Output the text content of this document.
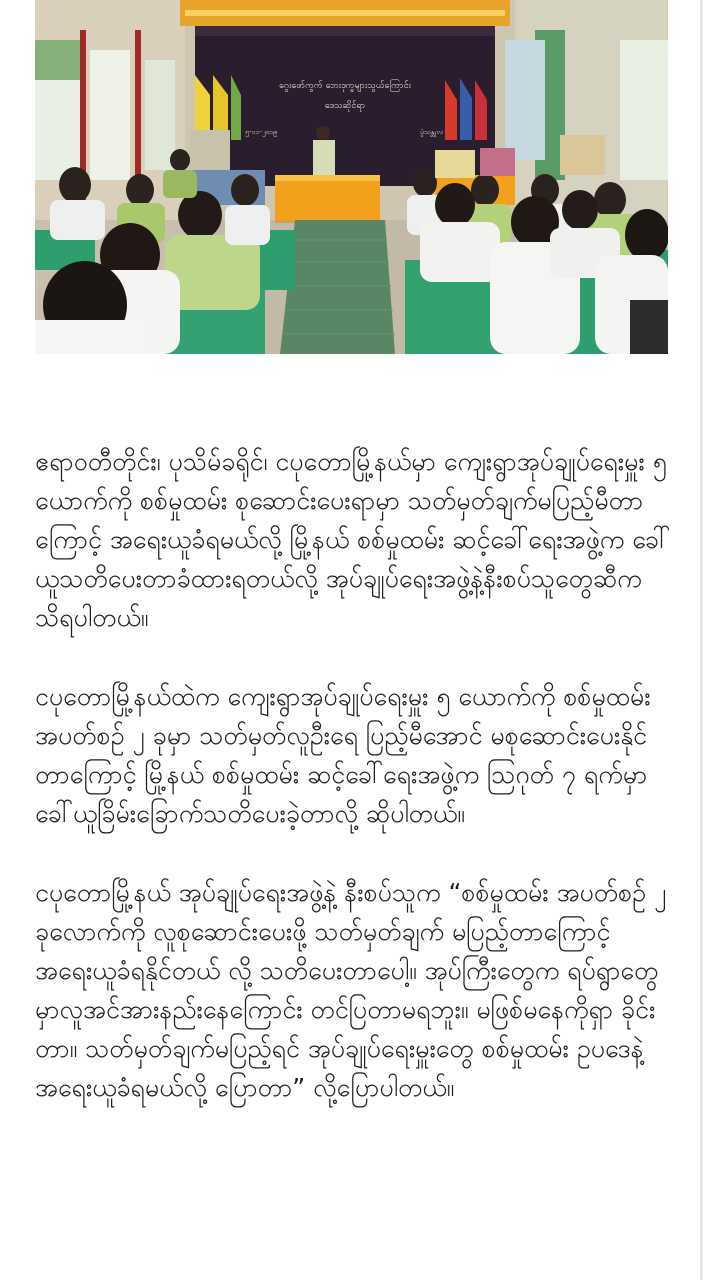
ဂွေးဖော်ကွက် ဘေးဒုက္ခများသွယ်ကြောင်း
ဒေသဆိုင်ရာ
၅-၁၁-၂၀၁၉	ပွဲသန္တုလ

ဧရာဝတီတိုင်း၊ ပုသိမ်ခရိုင်၊ ငပုတောမြို့နယ်မှာ ကျေးရွာအုပ်ချုပ်ရေးမှူး ၅ ယောက်ကို စစ်မှုထမ်း စုဆောင်းပေးရာမှာ သတ်မှတ်ချက်မပြည့်မီတာကြောင့် အရေးယူခံရမယ်လို့ မြို့နယ် စစ်မှုထမ်း ဆင့်ခေါ်ရေးအဖွဲ့က ခေါ်ယူသတိပေးတာခံထားရတယ်လို့ အုပ်ချုပ်ရေးအဖွဲ့နဲ့နီးစပ်သူတွေဆီက သိရပါတယ်။

ငပုတောမြို့နယ်ထဲက ကျေးရွာအုပ်ချုပ်ရေးမှူး ၅ ယောက်ကို စစ်မှုထမ်း အပတ်စဉ် ၂ ခုမှာ သတ်မှတ်လူဦးရေ ပြည့်မီအောင် မစုဆောင်းပေးနိုင်တာကြောင့် မြို့နယ် စစ်မှုထမ်း ဆင့်ခေါ်ရေးအဖွဲ့က ဩဂုတ် ၇ ရက်မှာ ခေါ်ယူခြိမ်းခြောက်သတိပေးခဲ့တာလို့ ဆိုပါတယ်။

ငပုတောမြို့နယ် အုပ်ချုပ်ရေးအဖွဲ့နဲ့ နီးစပ်သူက “စစ်မှုထမ်း အပတ်စဉ် ၂ ခုလောက်ကို လူစုဆောင်းပေးဖို့ သတ်မှတ်ချက် မပြည့်တာကြောင့် အရေးယူခံရနိုင်တယ် လို့ သတိပေးတာပေါ့။ အုပ်ကြီးတွေက ရပ်ရွာတွေမှာလူအင်အားနည်းနေကြောင်း တင်ပြတာမရဘူး။ မဖြစ်မနေကိုရှာ ခိုင်းတာ။ သတ်မှတ်ချက်မပြည့်ရင် အုပ်ချုပ်ရေးမှူးတွေ စစ်မှုထမ်း ဥပဒေနဲ့ အရေးယူခံရမယ်လို့ ပြောတာ” လို့ပြောပါတယ်။
